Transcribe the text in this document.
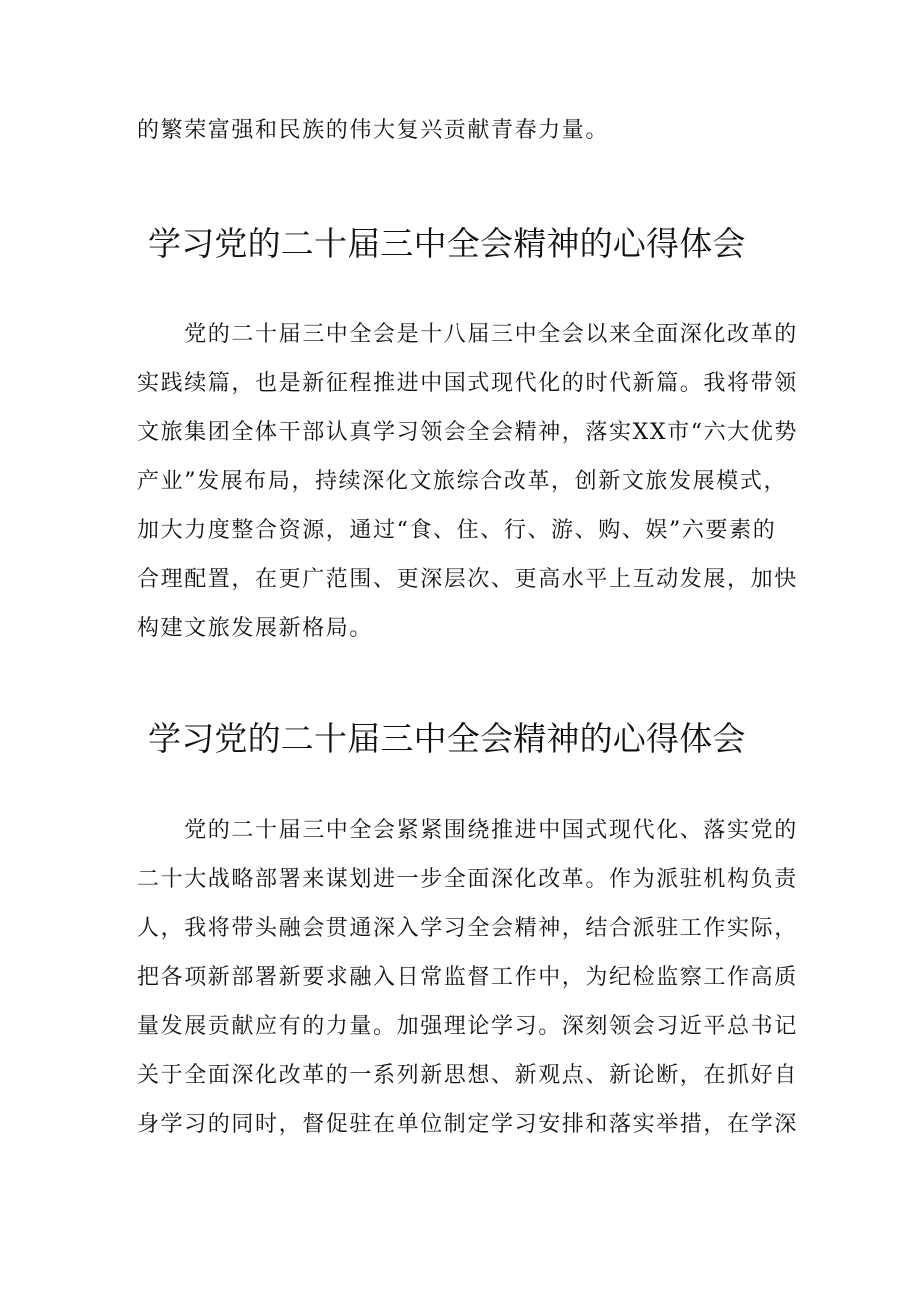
的繁荣富强和民族的伟大复兴贡献青春力量。

学习党的二十届三中全会精神的心得体会

　　党的二十届三中全会是十八届三中全会以来全面深化改革的
实践续篇，也是新征程推进中国式现代化的时代新篇。我将带领
文旅集团全体干部认真学习领会全会精神，落实XX市“六大优势
产业”发展布局，持续深化文旅综合改革，创新文旅发展模式，
加大力度整合资源，通过“食、住、行、游、购、娱”六要素的
合理配置，在更广范围、更深层次、更高水平上互动发展，加快
构建文旅发展新格局。

学习党的二十届三中全会精神的心得体会

　　党的二十届三中全会紧紧围绕推进中国式现代化、落实党的
二十大战略部署来谋划进一步全面深化改革。作为派驻机构负责
人，我将带头融会贯通深入学习全会精神，结合派驻工作实际，
把各项新部署新要求融入日常监督工作中，为纪检监察工作高质
量发展贡献应有的力量。加强理论学习。深刻领会习近平总书记
关于全面深化改革的一系列新思想、新观点、新论断，在抓好自
身学习的同时，督促驻在单位制定学习安排和落实举措，在学深
